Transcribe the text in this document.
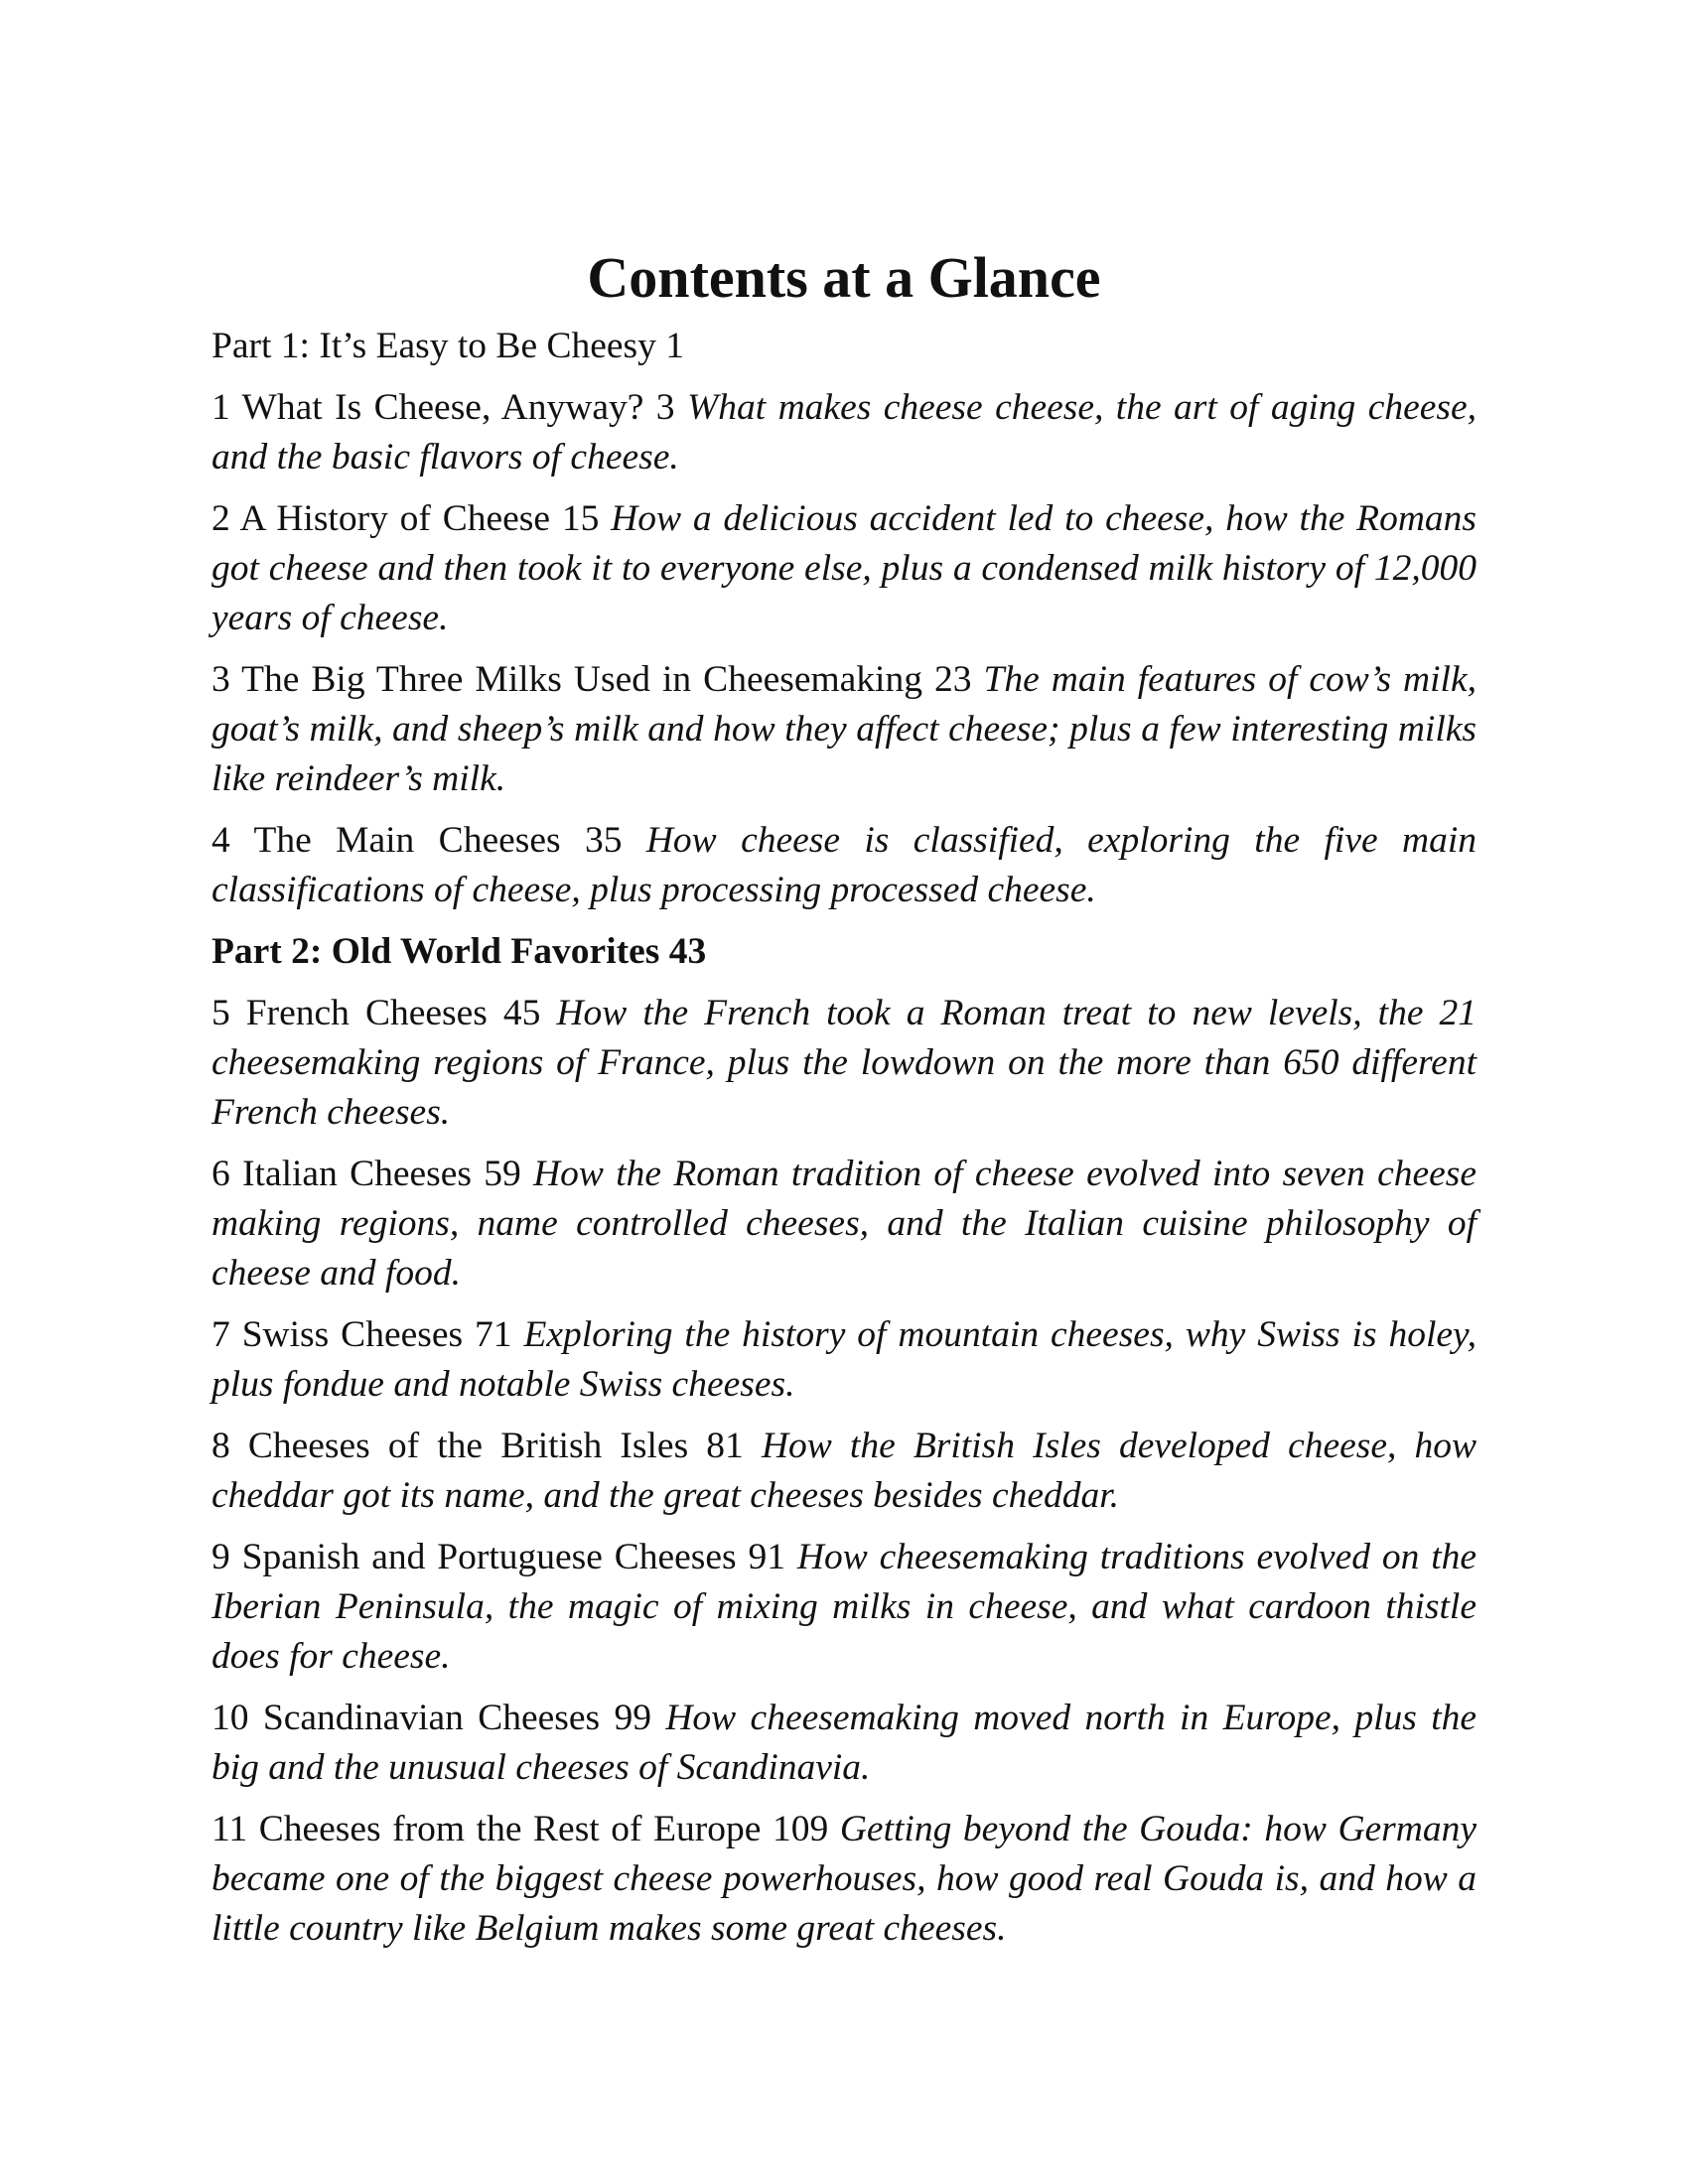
Contents at a Glance

Part 1: It’s Easy to Be Cheesy 1

1 What Is Cheese, Anyway? 3 What makes cheese cheese, the art of aging cheese, and the basic flavors of cheese.

2 A History of Cheese 15 How a delicious accident led to cheese, how the Romans got cheese and then took it to everyone else, plus a condensed milk history of 12,000 years of cheese.

3 The Big Three Milks Used in Cheesemaking 23 The main features of cow’s milk, goat’s milk, and sheep’s milk and how they affect cheese; plus a few interesting milks like reindeer’s milk.

4 The Main Cheeses 35 How cheese is classified, exploring the five main classifications of cheese, plus processing processed cheese.

Part 2: Old World Favorites 43

5 French Cheeses 45 How the French took a Roman treat to new levels, the 21 cheesemaking regions of France, plus the lowdown on the more than 650 different French cheeses.

6 Italian Cheeses 59 How the Roman tradition of cheese evolved into seven cheese making regions, name controlled cheeses, and the Italian cuisine philosophy of cheese and food.

7 Swiss Cheeses 71 Exploring the history of mountain cheeses, why Swiss is holey, plus fondue and notable Swiss cheeses.

8 Cheeses of the British Isles 81 How the British Isles developed cheese, how cheddar got its name, and the great cheeses besides cheddar.

9 Spanish and Portuguese Cheeses 91 How cheesemaking traditions evolved on the Iberian Peninsula, the magic of mixing milks in cheese, and what cardoon thistle does for cheese.

10 Scandinavian Cheeses 99 How cheesemaking moved north in Europe, plus the big and the unusual cheeses of Scandinavia.

11 Cheeses from the Rest of Europe 109 Getting beyond the Gouda: how Germany became one of the biggest cheese powerhouses, how good real Gouda is, and how a little country like Belgium makes some great cheeses.
